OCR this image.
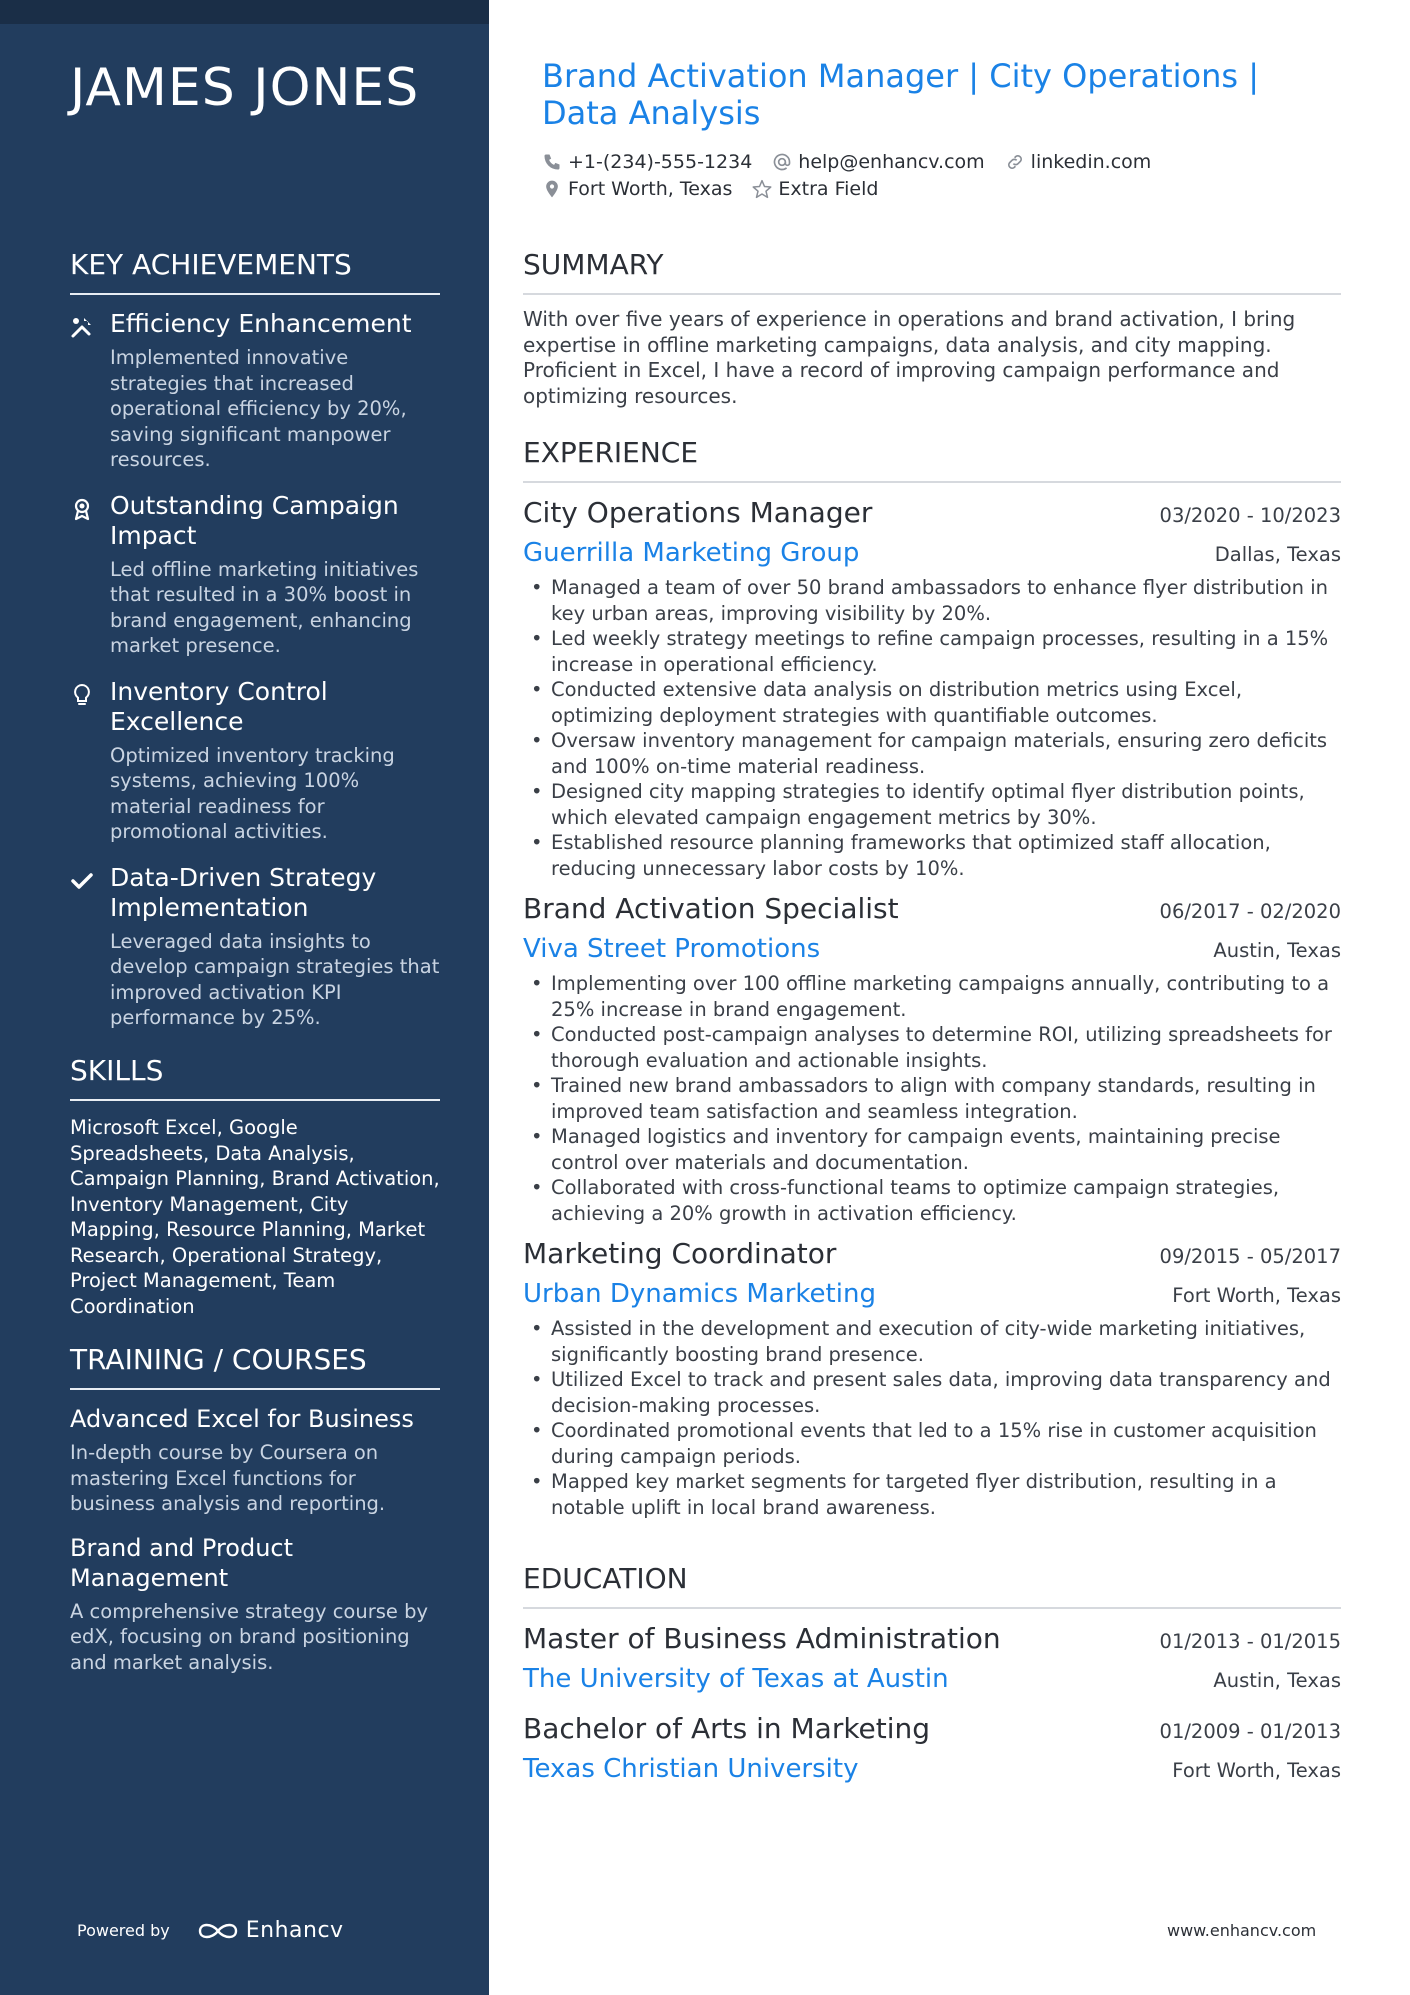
JAMES JONES
KEY ACHIEVEMENTS
Efficiency Enhancement
Implemented innovative strategies that increased operational efficiency by 20%, saving significant manpower resources.
Outstanding Campaign Impact
Led offline marketing initiatives that resulted in a 30% boost in brand engagement, enhancing market presence.
Inventory Control Excellence
Optimized inventory tracking systems, achieving 100% material readiness for promotional activities.
Data-Driven Strategy Implementation
Leveraged data insights to develop campaign strategies that improved activation KPI performance by 25%.
SKILLS
Microsoft Excel, Google Spreadsheets, Data Analysis, Campaign Planning, Brand Activation, Inventory Management, City Mapping, Resource Planning, Market Research, Operational Strategy, Project Management, Team Coordination
TRAINING / COURSES
Advanced Excel for Business
In-depth course by Coursera on mastering Excel functions for business analysis and reporting.
Brand and Product Management
A comprehensive strategy course by edX, focusing on brand positioning and market analysis.
Powered by	Enhancv
Brand Activation Manager | City Operations | Data Analysis
+1-(234)-555-1234 help@enhancv.com linkedin.com
Fort Worth, Texas Extra Field
SUMMARY
With over five years of experience in operations and brand activation, I bring expertise in offline marketing campaigns, data analysis, and city mapping. Proficient in Excel, I have a record of improving campaign performance and optimizing resources.
EXPERIENCE
City Operations Manager	03/2020 - 10/2023
Guerrilla Marketing Group	Dallas, Texas
• Managed a team of over 50 brand ambassadors to enhance flyer distribution in key urban areas, improving visibility by 20%.
• Led weekly strategy meetings to refine campaign processes, resulting in a 15% increase in operational efficiency.
• Conducted extensive data analysis on distribution metrics using Excel, optimizing deployment strategies with quantifiable outcomes.
• Oversaw inventory management for campaign materials, ensuring zero deficits and 100% on-time material readiness.
• Designed city mapping strategies to identify optimal flyer distribution points, which elevated campaign engagement metrics by 30%.
• Established resource planning frameworks that optimized staff allocation, reducing unnecessary labor costs by 10%.
Brand Activation Specialist	06/2017 - 02/2020
Viva Street Promotions	Austin, Texas
• Implementing over 100 offline marketing campaigns annually, contributing to a 25% increase in brand engagement.
• Conducted post-campaign analyses to determine ROI, utilizing spreadsheets for thorough evaluation and actionable insights.
• Trained new brand ambassadors to align with company standards, resulting in improved team satisfaction and seamless integration.
• Managed logistics and inventory for campaign events, maintaining precise control over materials and documentation.
• Collaborated with cross-functional teams to optimize campaign strategies, achieving a 20% growth in activation efficiency.
Marketing Coordinator	09/2015 - 05/2017
Urban Dynamics Marketing	Fort Worth, Texas
• Assisted in the development and execution of city-wide marketing initiatives, significantly boosting brand presence.
• Utilized Excel to track and present sales data, improving data transparency and decision-making processes.
• Coordinated promotional events that led to a 15% rise in customer acquisition during campaign periods.
• Mapped key market segments for targeted flyer distribution, resulting in a notable uplift in local brand awareness.
EDUCATION
Master of Business Administration	01/2013 - 01/2015
The University of Texas at Austin	Austin, Texas
Bachelor of Arts in Marketing	01/2009 - 01/2013
Texas Christian University	Fort Worth, Texas
www.enhancv.com
